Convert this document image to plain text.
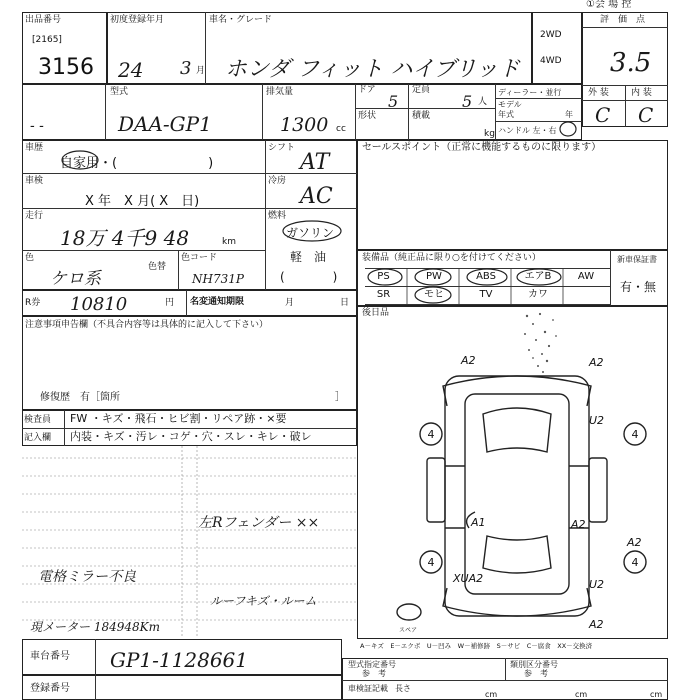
出品番号
[2165]
3156
初度登録年月	車名・グレード
24 3 月 ホンダ フィット ハイブリッド
2WD
4WD
①会 場 控
評　価　点
3.5
外 装 内 装
C C
型式
DAA-GP1
排気量
1300 cc
ドア
5
定員
5 人
形状	積載
kg
ディーラー・並行
モデル
年式	年
ハンドル 左・右
- -
車歴
自家用・(　　　　　　　)
シフト
AT
車検
X 年　X 月( X　日)
冷房
AC
走行
18万 4千9 48	km
燃料
ガソリン
軽　油
(　　　　)
色
ケロ系
色替
色コード
NH731P
R券 10810	円 名変通知期限	月	日
注意事項申告欄（不具合内容等は具体的に記入して下さい）
修復歴　有［箇所	］
検査員
記入欄
FW ・キズ・飛石・ヒビ割・リペア跡・×要
内装・キズ・汚レ・コゲ・穴・スレ・キレ・破レ
左Rフェンダー ××
電格ミラー不良
ルーフキズ・ルーム
現メーター 184948Km
セールスポイント（正常に機能するものに限ります）
装備品（純正品に限り○を付けてください）	新車保証書
有・無
PS	PW	ABS	エアB	AW
SR	モヒ	TV	カワ
後日品
A2	A2
U2
A1	A2
A2
XUA2	U2
A2
4	4
4	4
スペア
A－キズ　E－エクボ　U－凹み　W－補修跡　S－サビ　C－腐食　XX－交換済
車台番号 GP1-1128661
登録番号
型式指定番号
参　考
類別区分番号
参　考
車検証記載 長さ
cm	cm	cm
